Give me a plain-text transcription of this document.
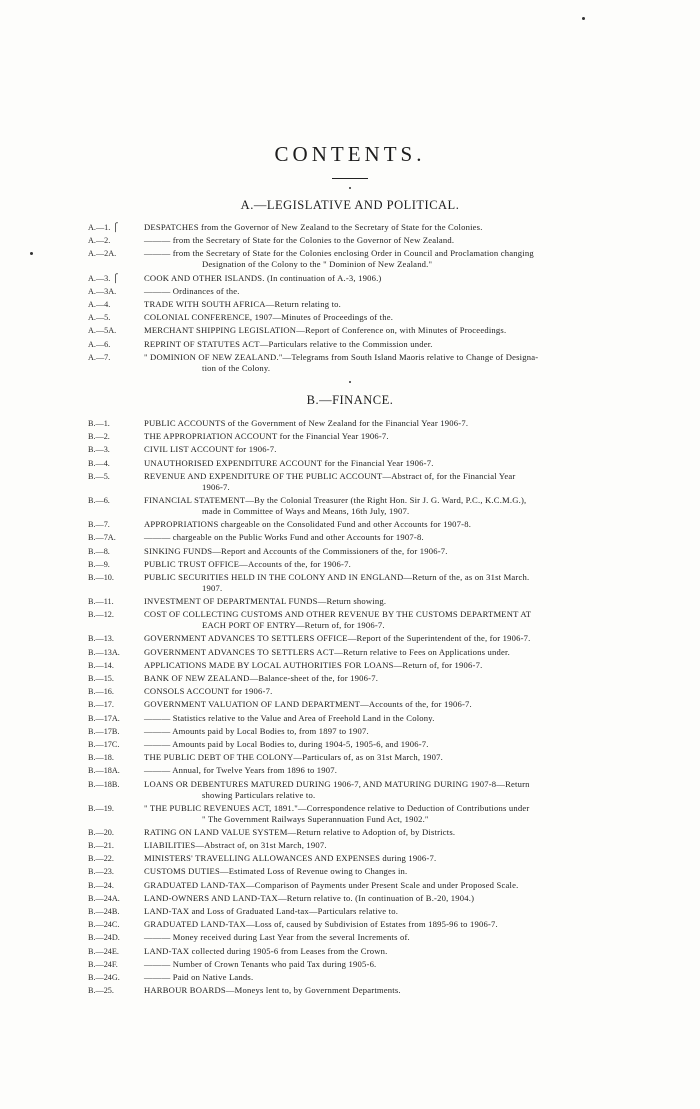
CONTENTS.
A.—LEGISLATIVE AND POLITICAL.
A.—1. ⎧	DESPATCHES from the Governor of New Zealand to the Secretary of State for the Colonies.
A.—2.	——— from the Secretary of State for the Colonies to the Governor of New Zealand.
A.—2A.	——— from the Secretary of State for the Colonies enclosing Order in Council and Proclamation changing
Designation of the Colony to the " Dominion of New Zealand."
A.—3. ⎧	COOK AND OTHER ISLANDS. (In continuation of A.-3, 1906.)
A.—3A.	——— Ordinances of the.
A.—4.	TRADE WITH SOUTH AFRICA—Return relating to.
A.—5.	COLONIAL CONFERENCE, 1907—Minutes of Proceedings of the.
A.—5A.	MERCHANT SHIPPING LEGISLATION—Report of Conference on, with Minutes of Proceedings.
A.—6.	REPRINT OF STATUTES ACT—Particulars relative to the Commission under.
A.—7.	" DOMINION OF NEW ZEALAND."—Telegrams from South Island Maoris relative to Change of Designa-
tion of the Colony.
B.—FINANCE.
B.—1.	PUBLIC ACCOUNTS of the Government of New Zealand for the Financial Year 1906-7.
B.—2.	THE APPROPRIATION ACCOUNT for the Financial Year 1906-7.
B.—3.	CIVIL LIST ACCOUNT for 1906-7.
B.—4.	UNAUTHORISED EXPENDITURE ACCOUNT for the Financial Year 1906-7.
B.—5.	REVENUE AND EXPENDITURE OF THE PUBLIC ACCOUNT—Abstract of, for the Financial Year
1906-7.
B.—6.	FINANCIAL STATEMENT—By the Colonial Treasurer (the Right Hon. Sir J. G. Ward, P.C., K.C.M.G.),
made in Committee of Ways and Means, 16th July, 1907.
B.—7.	APPROPRIATIONS chargeable on the Consolidated Fund and other Accounts for 1907-8.
B.—7A.	——— chargeable on the Public Works Fund and other Accounts for 1907-8.
B.—8.	SINKING FUNDS—Report and Accounts of the Commissioners of the, for 1906-7.
B.—9.	PUBLIC TRUST OFFICE—Accounts of the, for 1906-7.
B.—10.	PUBLIC SECURITIES HELD IN THE COLONY AND IN ENGLAND—Return of the, as on 31st March.
1907.
B.—11.	INVESTMENT OF DEPARTMENTAL FUNDS—Return showing.
B.—12.	COST OF COLLECTING CUSTOMS AND OTHER REVENUE BY THE CUSTOMS DEPARTMENT AT
EACH PORT OF ENTRY—Return of, for 1906-7.
B.—13.	GOVERNMENT ADVANCES TO SETTLERS OFFICE—Report of the Superintendent of the, for 1906-7.
B.—13A.	GOVERNMENT ADVANCES TO SETTLERS ACT—Return relative to Fees on Applications under.
B.—14.	APPLICATIONS MADE BY LOCAL AUTHORITIES FOR LOANS—Return of, for 1906-7.
B.—15.	BANK OF NEW ZEALAND—Balance-sheet of the, for 1906-7.
B.—16.	CONSOLS ACCOUNT for 1906-7.
B.—17.	GOVERNMENT VALUATION OF LAND DEPARTMENT—Accounts of the, for 1906-7.
B.—17A.	——— Statistics relative to the Value and Area of Freehold Land in the Colony.
B.—17B.	——— Amounts paid by Local Bodies to, from 1897 to 1907.
B.—17C.	——— Amounts paid by Local Bodies to, during 1904-5, 1905-6, and 1906-7.
B.—18.	THE PUBLIC DEBT OF THE COLONY—Particulars of, as on 31st March, 1907.
B.—18A.	——— Annual, for Twelve Years from 1896 to 1907.
B.—18B.	LOANS OR DEBENTURES MATURED DURING 1906-7, AND MATURING DURING 1907-8—Return
showing Particulars relative to.
B.—19.	" THE PUBLIC REVENUES ACT, 1891."—Correspondence relative to Deduction of Contributions under
" The Government Railways Superannuation Fund Act, 1902."
B.—20.	RATING ON LAND VALUE SYSTEM—Return relative to Adoption of, by Districts.
B.—21.	LIABILITIES—Abstract of, on 31st March, 1907.
B.—22.	MINISTERS' TRAVELLING ALLOWANCES AND EXPENSES during 1906-7.
B.—23.	CUSTOMS DUTIES—Estimated Loss of Revenue owing to Changes in.
B.—24.	GRADUATED LAND-TAX—Comparison of Payments under Present Scale and under Proposed Scale.
B.—24A.	LAND-OWNERS AND LAND-TAX—Return relative to. (In continuation of B.-20, 1904.)
B.—24B.	LAND-TAX and Loss of Graduated Land-tax—Particulars relative to.
B.—24C.	GRADUATED LAND-TAX—Loss of, caused by Subdivision of Estates from 1895-96 to 1906-7.
B.—24D.	——— Money received during Last Year from the several Increments of.
B.—24E.	LAND-TAX collected during 1905-6 from Leases from the Crown.
B.—24F.	——— Number of Crown Tenants who paid Tax during 1905-6.
B.—24G.	——— Paid on Native Lands.
B.—25.	HARBOUR BOARDS—Moneys lent to, by Government Departments.
